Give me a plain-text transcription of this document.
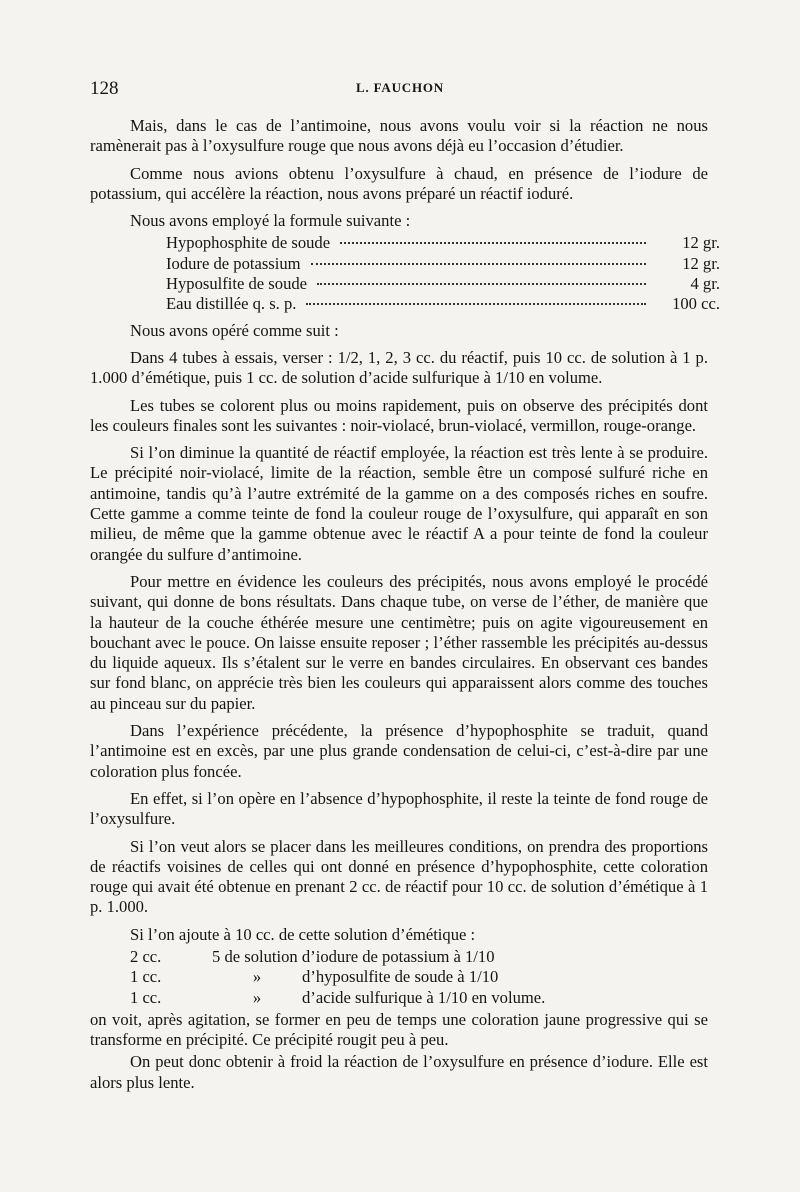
128	L. FAUCHON

Mais, dans le cas de l’antimoine, nous avons voulu voir si la réaction ne nous ramènerait pas à l’oxysulfure rouge que nous avons déjà eu l’occasion d’étudier.

Comme nous avions obtenu l’oxysulfure à chaud, en présence de l’iodure de potassium, qui accélère la réaction, nous avons préparé un réactif ioduré.

Nous avons employé la formule suivante :

Hypophosphite de soude	12 gr.
Iodure de potassium	12 gr.
Hyposulfite de soude	4 gr.
Eau distillée q. s. p.	100 cc.

Nous avons opéré comme suit :

Dans 4 tubes à essais, verser : 1/2, 1, 2, 3 cc. du réactif, puis 10 cc. de solution à 1 p. 1.000 d’émétique, puis 1 cc. de solution d’acide sulfurique à 1/10 en volume.

Les tubes se colorent plus ou moins rapidement, puis on observe des précipités dont les couleurs finales sont les suivantes : noir-violacé, brun-violacé, vermillon, rouge-orange.

Si l’on diminue la quantité de réactif employée, la réaction est très lente à se produire. Le précipité noir-violacé, limite de la réaction, semble être un composé sulfuré riche en antimoine, tandis qu’à l’autre extrémité de la gamme on a des composés riches en soufre. Cette gamme a comme teinte de fond la couleur rouge de l’oxysulfure, qui apparaît en son milieu, de même que la gamme obtenue avec le réactif A a pour teinte de fond la couleur orangée du sulfure d’antimoine.

Pour mettre en évidence les couleurs des précipités, nous avons employé le procédé suivant, qui donne de bons résultats. Dans chaque tube, on verse de l’éther, de manière que la hauteur de la couche éthérée mesure une centimètre; puis on agite vigoureusement en bouchant avec le pouce. On laisse ensuite reposer ; l’éther rassemble les précipités au-dessus du liquide aqueux. Ils s’étalent sur le verre en bandes circulaires. En observant ces bandes sur fond blanc, on apprécie très bien les couleurs qui apparaissent alors comme des touches au pinceau sur du papier.

Dans l’expérience précédente, la présence d’hypophosphite se traduit, quand l’antimoine est en excès, par une plus grande condensation de celui-ci, c’est-à-dire par une coloration plus foncée.

En effet, si l’on opère en l’absence d’hypophosphite, il reste la teinte de fond rouge de l’oxysulfure.

Si l’on veut alors se placer dans les meilleures conditions, on prendra des proportions de réactifs voisines de celles qui ont donné en présence d’hypophosphite, cette coloration rouge qui avait été obtenue en prenant 2 cc. de réactif pour 10 cc. de solution d’émétique à 1 p. 1.000.

Si l’on ajoute à 10 cc. de cette solution d’émétique :

2 cc.	5 de solution d’iodure de potassium à 1/10
1 cc.	»	d’hyposulfite de soude à 1/10
1 cc.	»	d’acide sulfurique à 1/10 en volume.

on voit, après agitation, se former en peu de temps une coloration jaune progressive qui se transforme en précipité. Ce précipité rougit peu à peu.

On peut donc obtenir à froid la réaction de l’oxysulfure en présence d’iodure. Elle est alors plus lente.
